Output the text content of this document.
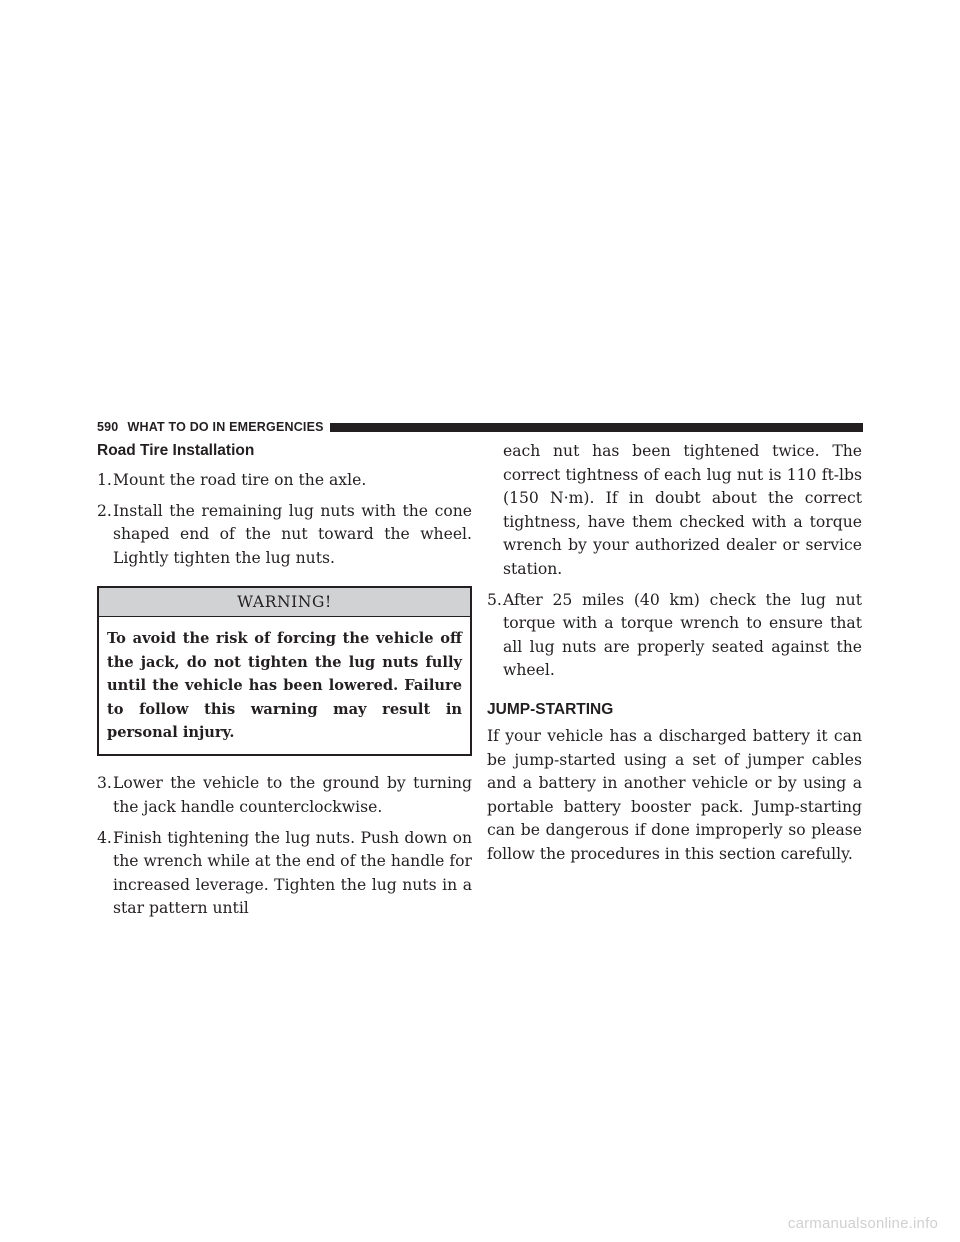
590 WHAT TO DO IN EMERGENCIES
Road Tire Installation
1.Mount the road tire on the axle.
2.Install the remaining lug nuts with the cone shaped end of the nut toward the wheel. Lightly tighten the lug nuts.
WARNING!
To avoid the risk of forcing the vehicle off the jack, do not tighten the lug nuts fully until the vehicle has been lowered. Failure to follow this warning may result in personal injury.
3.Lower the vehicle to the ground by turning the jack handle counterclockwise.
4.Finish tightening the lug nuts. Push down on the wrench while at the end of the handle for increased leverage. Tighten the lug nuts in a star pattern until
each nut has been tightened twice. The correct tightness of each lug nut is 110 ft-lbs (150 N·m). If in doubt about the correct tightness, have them checked with a torque wrench by your authorized dealer or service station.
5.After 25 miles (40 km) check the lug nut torque with a torque wrench to ensure that all lug nuts are properly seated against the wheel.
JUMP-STARTING

If your vehicle has a discharged battery it can be jump-started using a set of jumper cables and a battery in another vehicle or by using a portable battery booster pack. Jump-starting can be dangerous if done improperly so please follow the procedures in this section carefully.

carmanualsonline.info
